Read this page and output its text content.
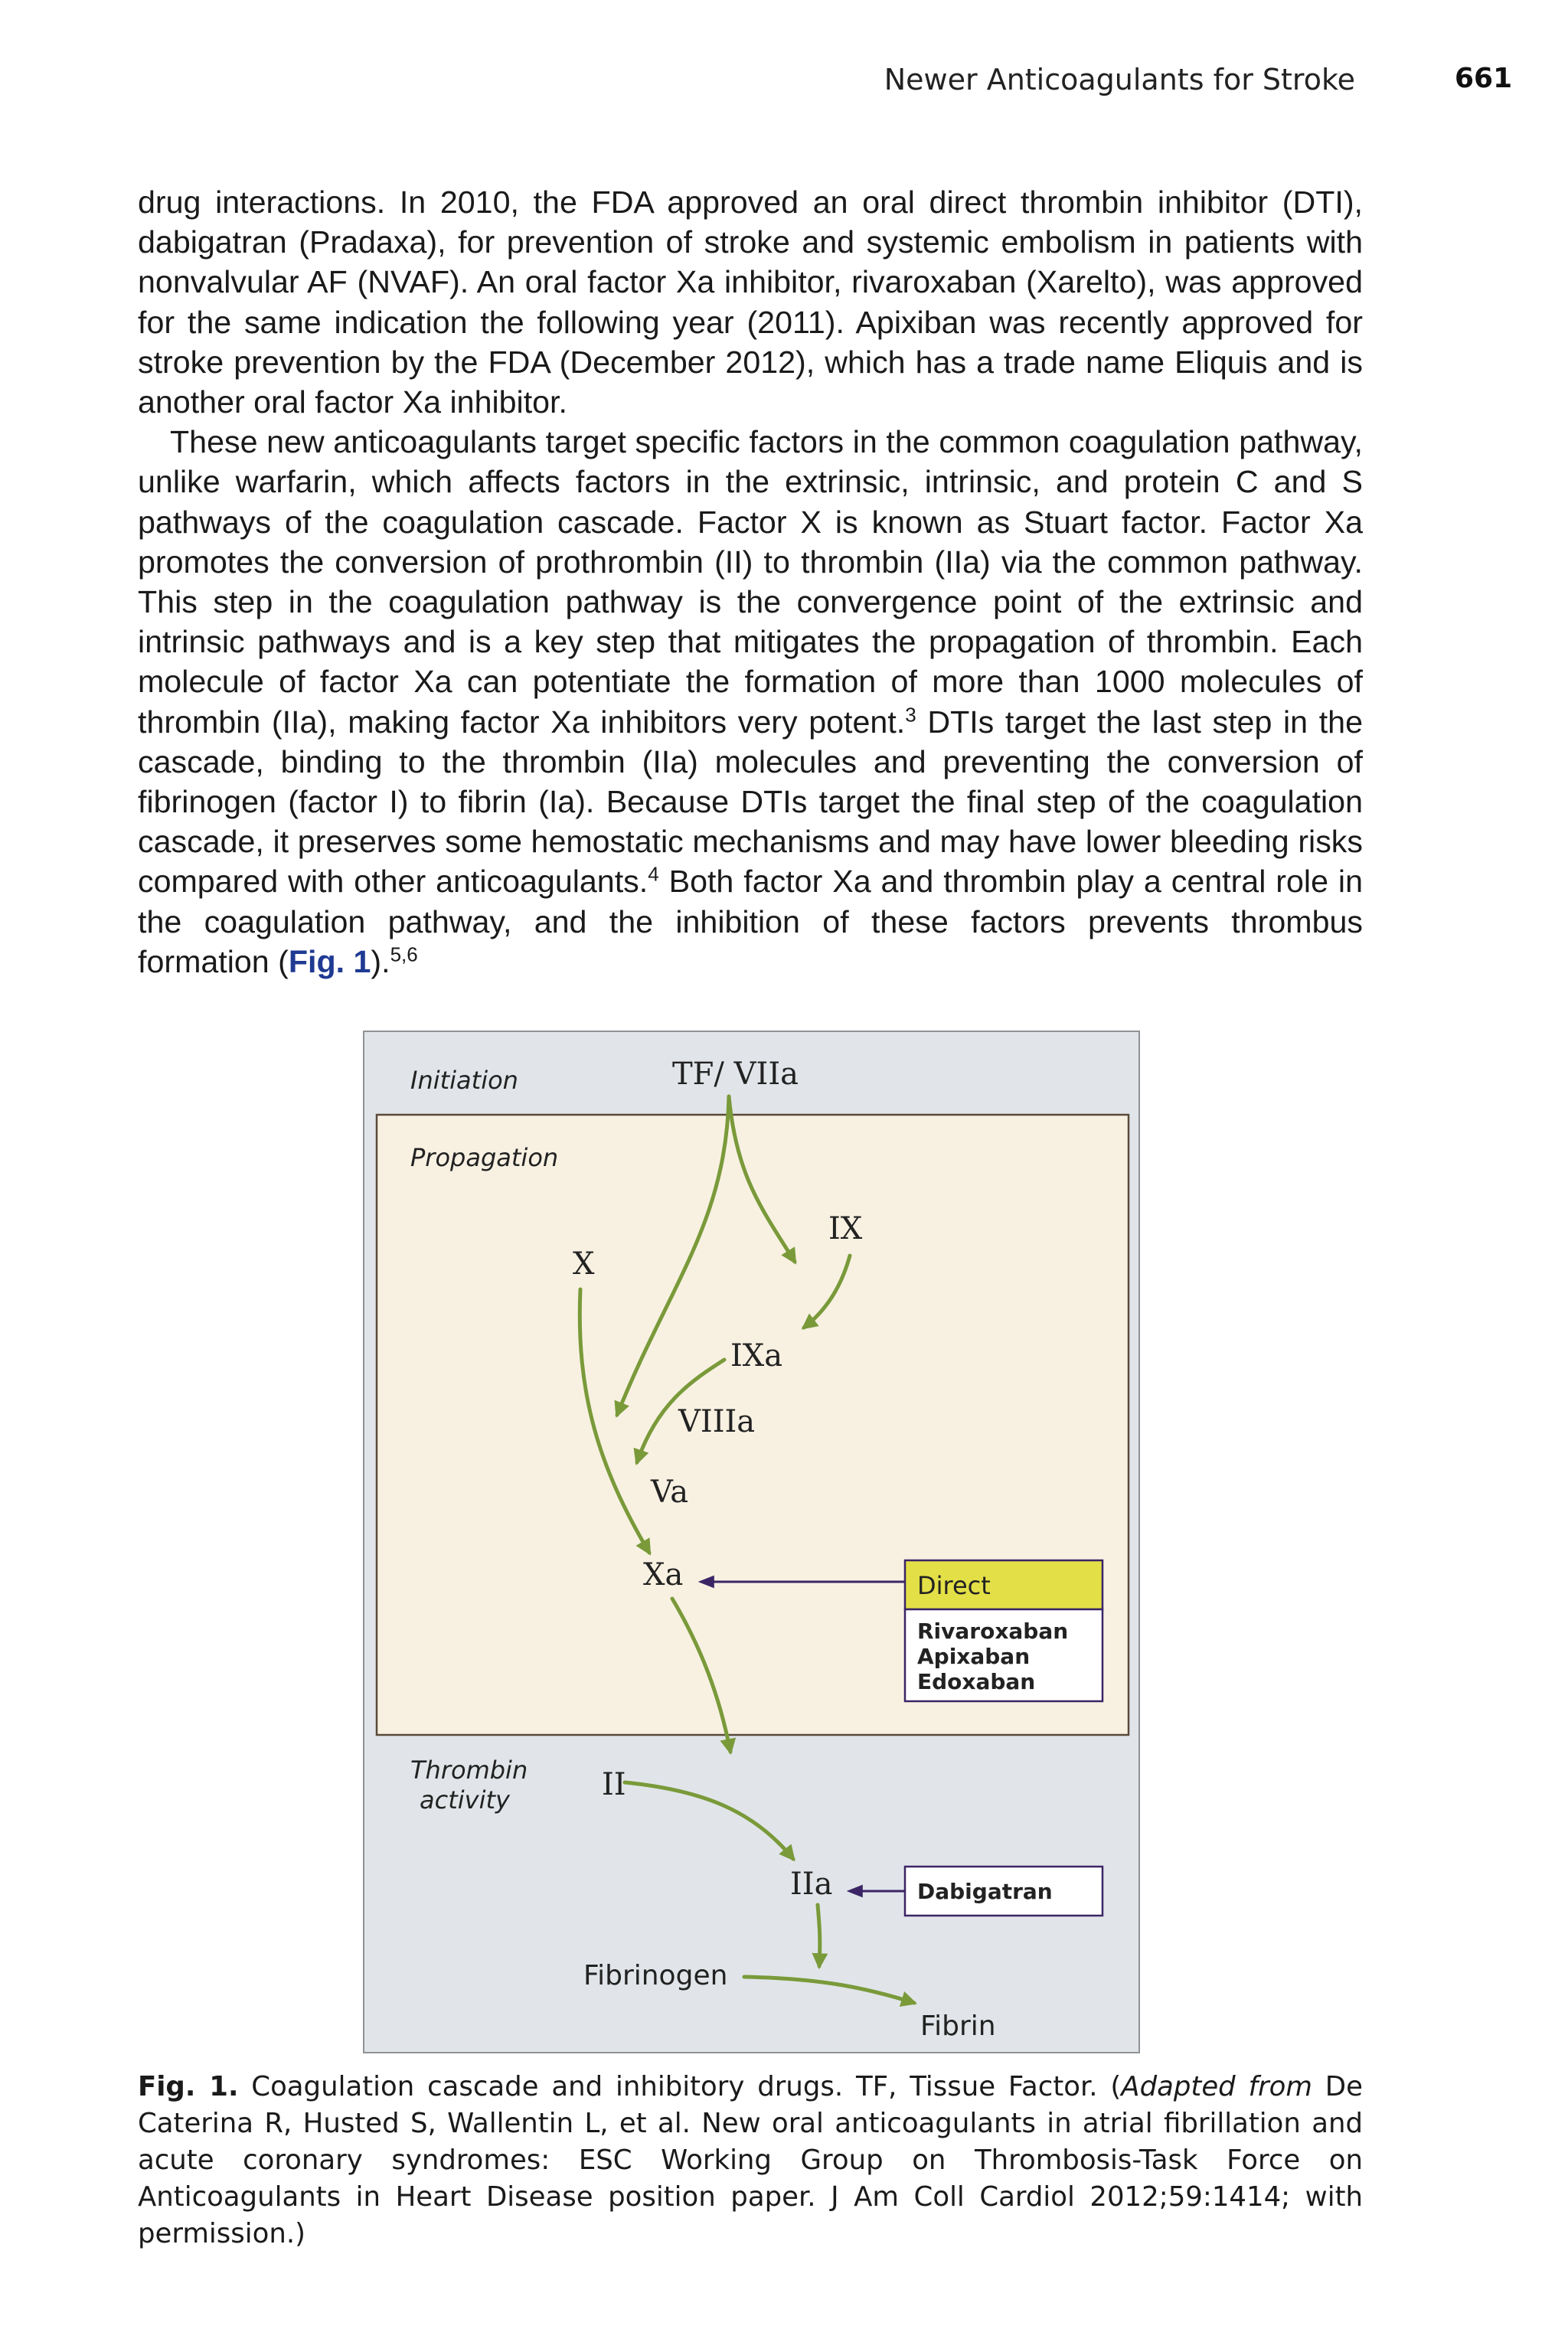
Newer Anticoagulants for Stroke	661

drug interactions. In 2010, the FDA approved an oral direct thrombin inhibitor (DTI), dabigatran (Pradaxa), for prevention of stroke and systemic embolism in patients with nonvalvular AF (NVAF). An oral factor Xa inhibitor, rivaroxaban (Xarelto), was approved for the same indication the following year (2011). Apixiban was recently approved for stroke prevention by the FDA (December 2012), which has a trade name Eliquis and is another oral factor Xa inhibitor.

These new anticoagulants target specific factors in the common coagulation pathway, unlike warfarin, which affects factors in the extrinsic, intrinsic, and protein C and S pathways of the coagulation cascade. Factor X is known as Stuart factor. Factor Xa promotes the conversion of prothrombin (II) to thrombin (IIa) via the common pathway. This step in the coagulation pathway is the convergence point of the extrinsic and intrinsic pathways and is a key step that mitigates the propagation of thrombin. Each molecule of factor Xa can potentiate the formation of more than 1000 molecules of thrombin (IIa), making factor Xa inhibitors very potent.$^3$ DTIs target the last step in the cascade, binding to the thrombin (IIa) molecules and preventing the conversion of fibrinogen (factor I) to fibrin (Ia). Because DTIs target the final step of the coagulation cascade, it preserves some hemostatic mechanisms and may have lower bleeding risks compared with other anticoagulants.$^4$ Both factor Xa and thrombin play a central role in the coagulation pathway, and the inhibition of these factors prevents thrombus formation (Fig. 1).$^{5,6}$

Initiation
Propagation
Thrombin
activity
TF/ VIIa
IX
X
IXa
VIIIa
Va
Xa
II
IIa
Fibrinogen
Fibrin
Direct
Rivaroxaban
Apixaban
Edoxaban
Dabigatran
Fig. 1. Coagulation cascade and inhibitory drugs. TF, Tissue Factor. (Adapted from De Caterina R, Husted S, Wallentin L, et al. New oral anticoagulants in atrial fibrillation and acute coronary syndromes: ESC Working Group on Thrombosis-Task Force on Anticoagulants in Heart Disease position paper. J Am Coll Cardiol 2012;59:1414; with permission.)
